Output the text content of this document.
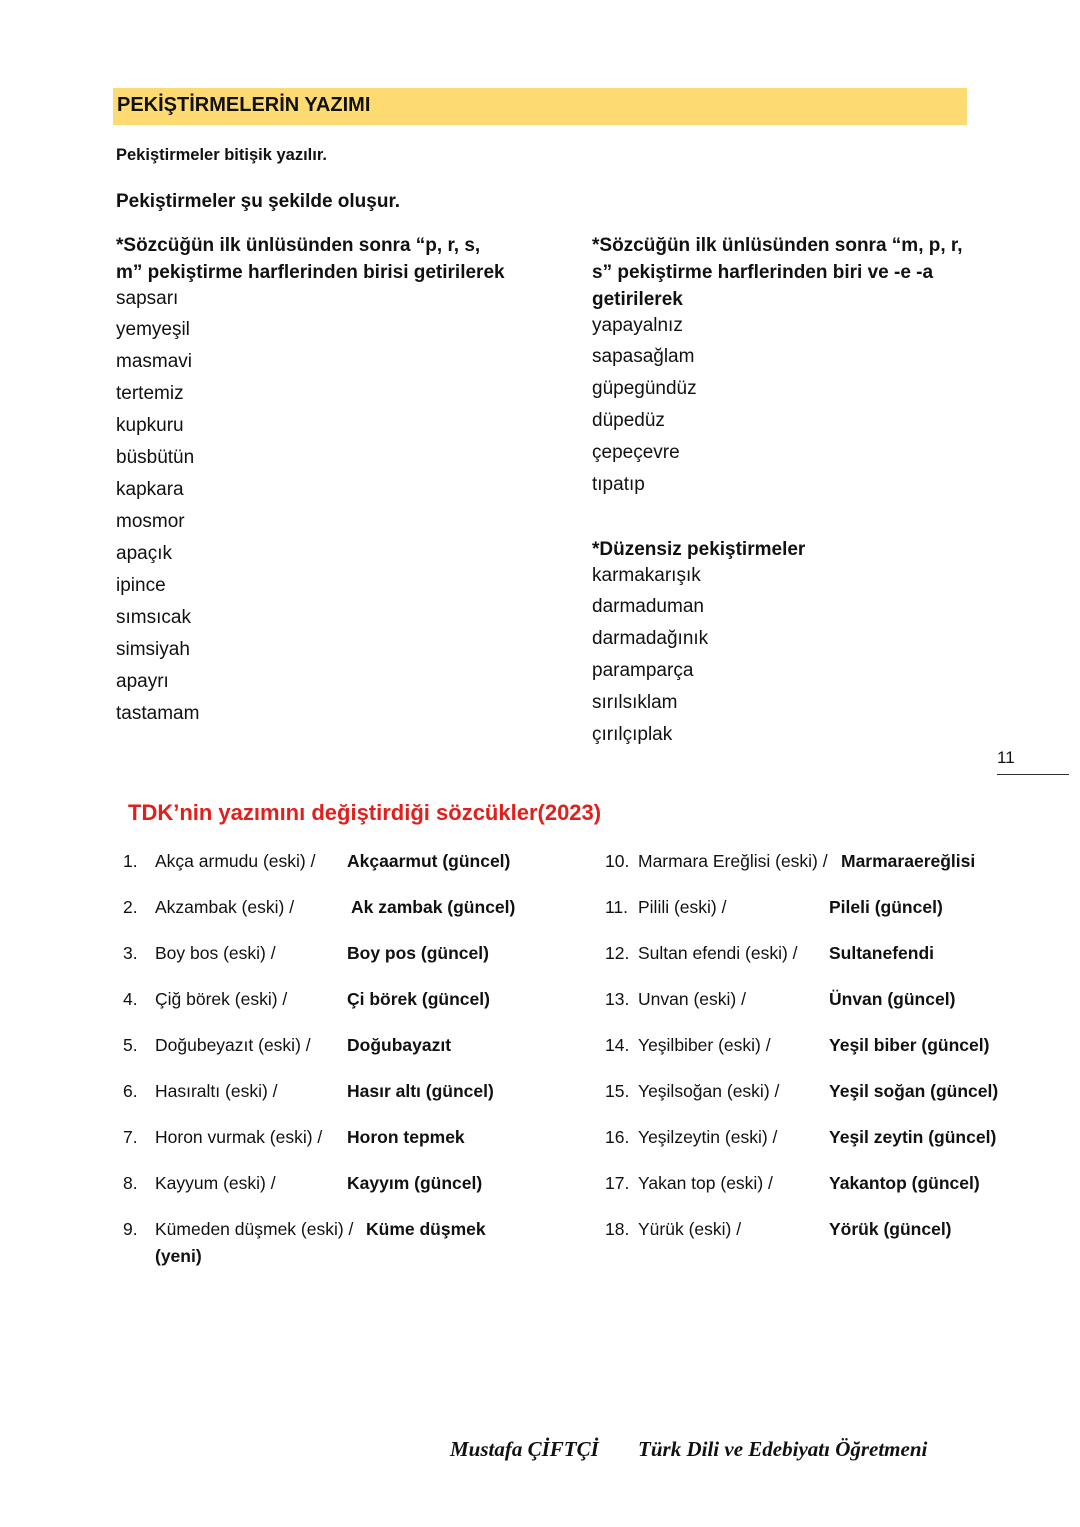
PEKİŞTİRMELERİN YAZIMI
Pekiştirmeler bitişik yazılır.
Pekiştirmeler şu şekilde oluşur.
*Sözcüğün ilk ünlüsünden sonra “p, r, s,
m” pekiştirme harflerinden birisi getirilerek
sapsarı
yemyeşil
masmavi
tertemiz
kupkuru
büsbütün
kapkara
mosmor
apaçık
ipince
sımsıcak
simsiyah
apayrı
tastamam
*Sözcüğün ilk ünlüsünden sonra “m, p, r,
s” pekiştirme harflerinden biri ve -e -a
getirilerek
yapayalnız
sapasağlam
güpegündüz
düpedüz
çepeçevre
tıpatıp
*Düzensiz pekiştirmeler
karmakarışık
darmaduman
darmadağınık
paramparça
sırılsıklam
çırılçıplak
11
TDK’nin yazımını değiştirdiği sözcükler(2023)
1. Akça armudu (eski) / Akçaarmut (güncel)
2. Akzambak (eski) /	Ak zambak (güncel)
3. Boy bos (eski) /	Boy pos (güncel)
4. Çiğ börek (eski) /	Çi börek (güncel)
5. Doğubeyazıt (eski) / Doğubayazıt
6. Hasıraltı (eski) /	Hasır altı (güncel)
7. Horon vurmak (eski) / Horon tepmek
8. Kayyum (eski) /	Kayyım (güncel)
9. Kümeden düşmek (eski) / Küme düşmek
(yeni)
10. Marmara Ereğlisi (eski) / Marmaraereğlisi
11. Pilili (eski) /	Pileli (güncel)
12. Sultan efendi (eski) / Sultanefendi
13. Unvan (eski) /	Ünvan (güncel)
14. Yeşilbiber (eski) /	Yeşil biber (güncel)
15. Yeşilsoğan (eski) /	Yeşil soğan (güncel)
16. Yeşilzeytin (eski) /	Yeşil zeytin (güncel)
17. Yakan top (eski) /	Yakantop (güncel)
18. Yürük (eski) /	Yörük (güncel)
Mustafa ÇİFTÇİ Türk Dili ve Edebiyatı Öğretmeni
